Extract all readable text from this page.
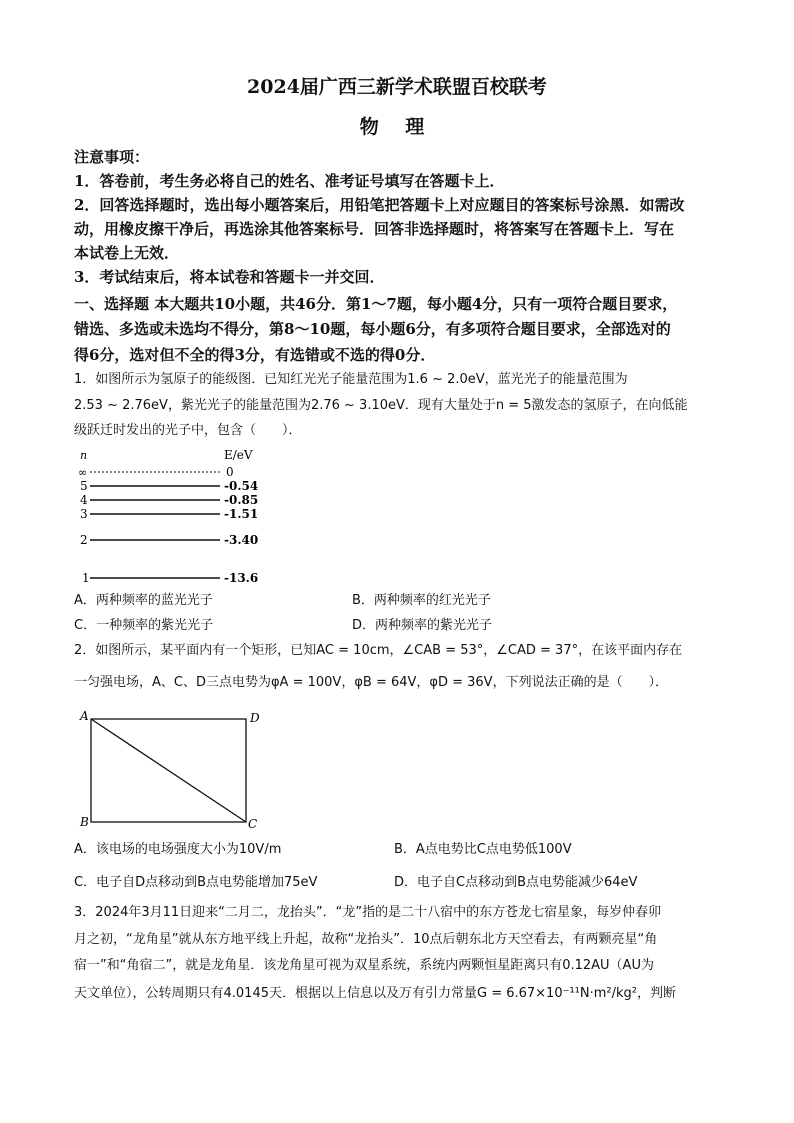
2024届广西三新学术联盟百校联考
物 理
注意事项：
1．答卷前，考生务必将自己的姓名、准考证号填写在答题卡上．
2．回答选择题时，选出每小题答案后，用铅笔把答题卡上对应题目的答案标号涂黑．如需改
动，用橡皮擦干净后，再选涂其他答案标号．回答非选择题时，将答案写在答题卡上．写在
本试卷上无效．
3．考试结束后，将本试卷和答题卡一并交回．
一、选择题 本大题共10小题，共46分．第1～7题，每小题4分，只有一项符合题目要求，
错选、多选或未选均不得分，第8～10题，每小题6分，有多项符合题目要求，全部选对的
得6分，选对但不全的得3分，有选错或不选的得0分．
1．如图所示为氢原子的能级图．已知红光光子能量范围为1.6 ~ 2.0eV，蓝光光子的能量范围为
2.53 ~ 2.76eV，紫光光子的能量范围为2.76 ~ 3.10eV．现有大量处于n = 5激发态的氢原子，在向低能
级跃迁时发出的光子中，包含（　　）．
n	E/eV
∞	0
5	-0.54
4	-0.85
3	-1.51
2	-3.40
1	-13.6
A．两种频率的蓝光光子	B．两种频率的红光光子
C．一种频率的紫光光子	D．两种频率的紫光光子
2．如图所示，某平面内有一个矩形，已知AC = 10cm，∠CAB = 53°，∠CAD = 37°，在该平面内存在
一匀强电场，A、C、D三点电势为φA = 100V，φB = 64V，φD = 36V，下列说法正确的是（　　）．
A
B	C
D
A．该电场的电场强度大小为10V/m	B．A点电势比C点电势低100V
C．电子自D点移动到B点电势能增加75eV	D．电子自C点移动到B点电势能减少64eV
3．2024年3月11日迎来“二月二，龙抬头”．“龙”指的是二十八宿中的东方苍龙七宿星象，每岁仲春卯
月之初，“龙角星”就从东方地平线上升起，故称“龙抬头”．10点后朝东北方天空看去，有两颗亮星“角
宿一”和“角宿二”，就是龙角星．该龙角星可视为双星系统，系统内两颗恒星距离只有0.12AU（AU为
天文单位），公转周期只有4.0145天．根据以上信息以及万有引力常量G = 6.67×10⁻¹¹N·m²/kg²，判断
